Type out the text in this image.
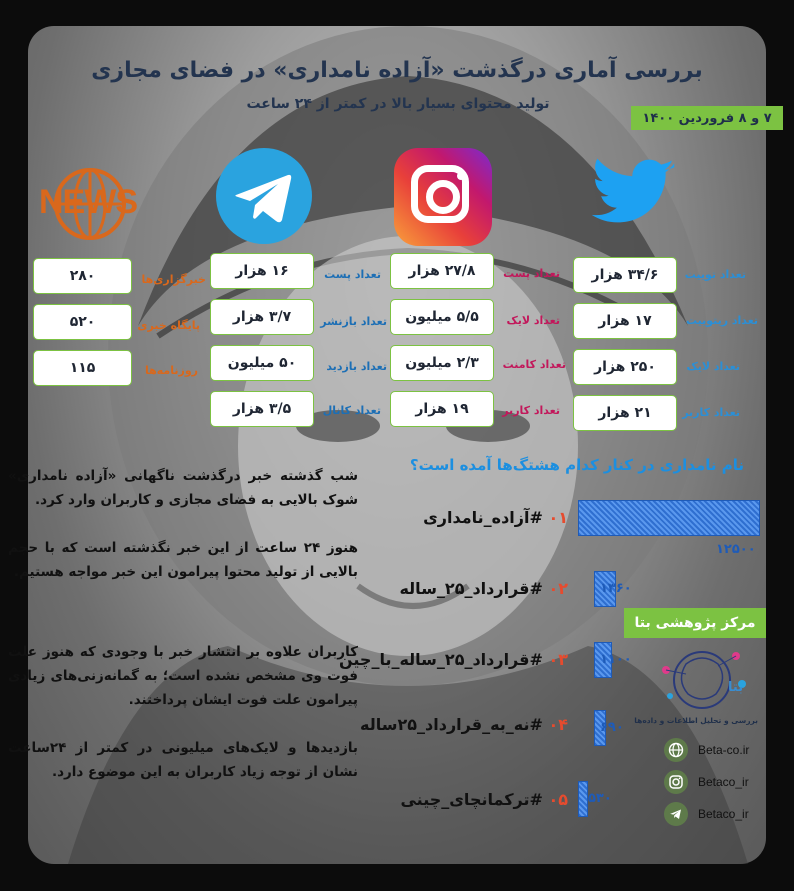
بررسی آماری درگذشت «آزاده نامداری» در فضای مجازی
تولید محتوای بسیار بالا در کمتر از ۲۴ ساعت
۷ و ۸ فروردین ۱۴۰۰
NEWS
۳۴/۶ هزار	تعداد توییت
۱۷ هزار	تعداد ریتوییت
۲۵۰ هزار	تعداد لایک
۲۱ هزار	تعداد کاربر
۲۷/۸ هزار	تعداد پست
۵/۵ میلیون	تعداد لایک
۲/۳ میلیون	تعداد کامنت
۱۹ هزار	تعداد کاربر
۱۶ هزار	تعداد پست
۳/۷ هزار	تعداد بازنشر
۵۰ میلیون	تعداد بازدید
۳/۵ هزار	تعداد کانال
۲۸۰	خبرگزاری‌ها
۵۲۰	پایگاه خبری
۱۱۵	روزنامه‌ها
نام نامداری در کنار کدام هشتگ‌ها آمده است؟
شب گذشته خبر درگذشت ناگهانی «آزاده نامداری» شوک بالایی به فضای مجازی و کاربران وارد کرد.
هنوز ۲۴ ساعت از این خبر نگذشته است که با حجم بالایی از تولید محتوا پیرامون این خبر مواجه هستیم.
کاربران علاوه بر انتشار خبر با وجودی که هنوز علت فوت وی مشخص نشده است؛ به گمانه‌زنی‌های زیادی پیرامون علت فوت ایشان پرداختند.
بازدیدها و لایک‌های میلیونی در کمتر از ۲۴ساعت نشان از توجه زیاد کاربران به این موضوع دارد.
۰۱ #آزاده_نامداری
۰۲ #قرارداد_۲۵_ساله
۰۳ #قرارداد_۲۵_ساله_با_چین
۰۴ #نه_به_قرارداد_۲۵ساله
۰۵ #ترکمانچای_چینی
۱۲۵۰۰
۱۳۶۰
۱۱۰۰
۶۹۰
۵۳۰
مرکز پژوهشی بتا
بتا
بررسی و تحلیل اطلاعات و داده‌ها
Beta-co.ir
Betaco_ir
Betaco_ir
